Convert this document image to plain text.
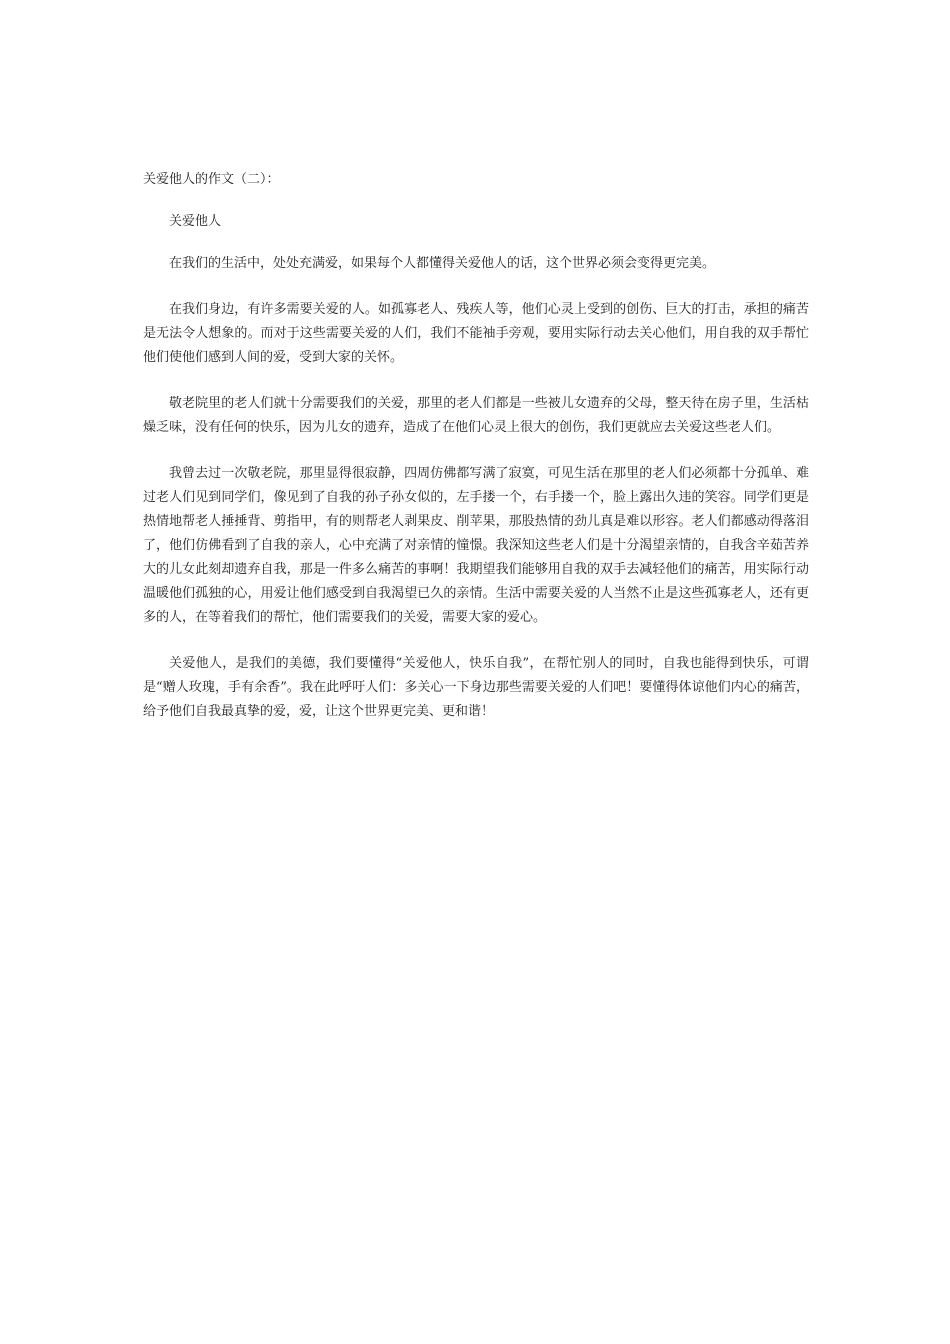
关爱他人的作文（二）：

关爱他人

在我们的生活中，处处充满爱，如果每个人都懂得关爱他人的话，这个世界必须会变得更完美。

在我们身边，有许多需要关爱的人。如孤寡老人、残疾人等，他们心灵上受到的创伤、巨大的打击，承担的痛苦是无法令人想象的。而对于这些需要关爱的人们，我们不能袖手旁观，要用实际行动去关心他们，用自我的双手帮忙他们使他们感到人间的爱，受到大家的关怀。

敬老院里的老人们就十分需要我们的关爱，那里的老人们都是一些被儿女遗弃的父母，整天待在房子里，生活枯燥乏味，没有任何的快乐，因为儿女的遗弃，造成了在他们心灵上很大的创伤，我们更就应去关爱这些老人们。

我曾去过一次敬老院，那里显得很寂静，四周仿佛都写满了寂寞，可见生活在那里的老人们必须都十分孤单、难过老人们见到同学们，像见到了自我的孙子孙女似的，左手搂一个，右手搂一个，脸上露出久违的笑容。同学们更是热情地帮老人捶捶背、剪指甲，有的则帮老人剥果皮、削苹果，那股热情的劲儿真是难以形容。老人们都感动得落泪了，他们仿佛看到了自我的亲人，心中充满了对亲情的憧憬。我深知这些老人们是十分渴望亲情的，自我含辛茹苦养大的儿女此刻却遗弃自我，那是一件多么痛苦的事啊！我期望我们能够用自我的双手去减轻他们的痛苦，用实际行动温暖他们孤独的心，用爱让他们感受到自我渴望已久的亲情。生活中需要关爱的人当然不止是这些孤寡老人，还有更多的人，在等着我们的帮忙，他们需要我们的关爱，需要大家的爱心。

关爱他人，是我们的美德，我们要懂得“关爱他人，快乐自我”，在帮忙别人的同时，自我也能得到快乐，可谓是“赠人玫瑰，手有余香”。我在此呼吁人们：多关心一下身边那些需要关爱的人们吧！要懂得体谅他们内心的痛苦，给予他们自我最真挚的爱，爱，让这个世界更完美、更和谐！
